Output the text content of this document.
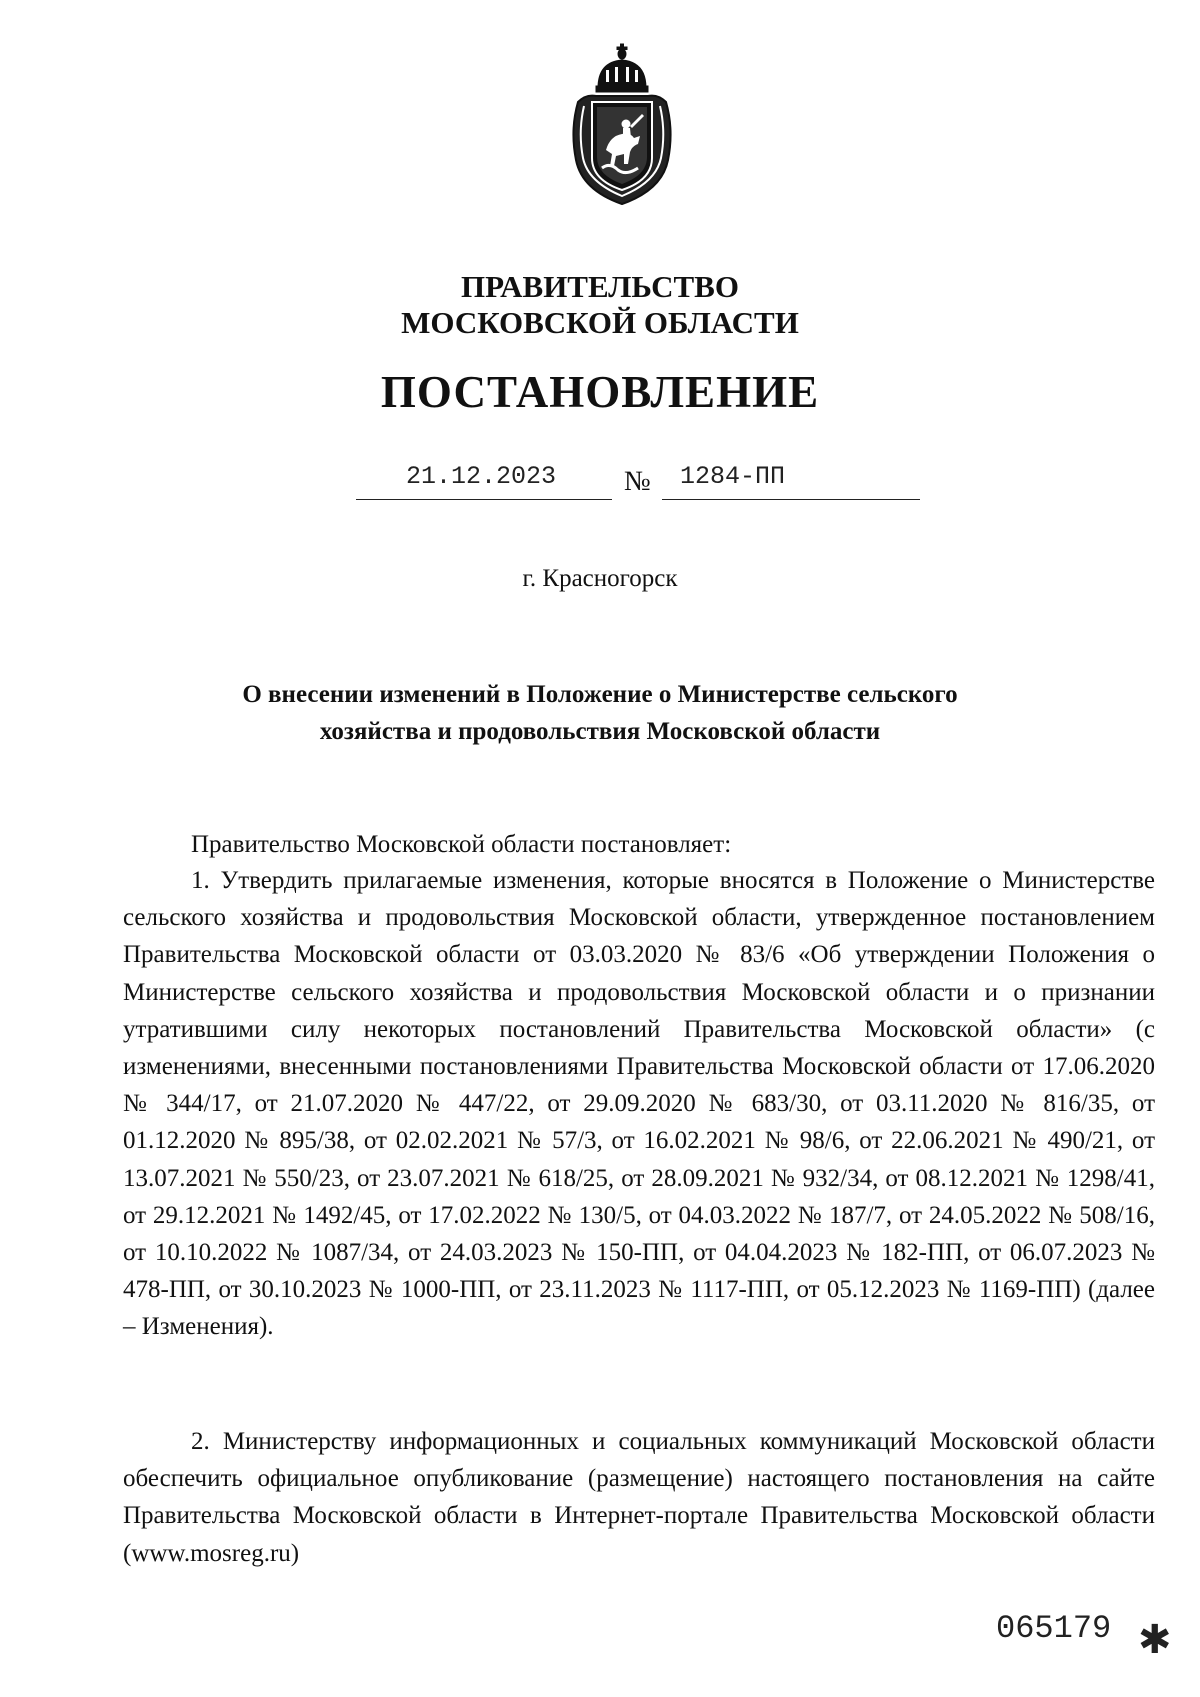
ПРАВИТЕЛЬСТВО
МОСКОВСКОЙ ОБЛАСТИ
ПОСТАНОВЛЕНИЕ
21.12.2023 № 1284-ПП
г. Красногорск
О внесении изменений в Положение о Министерстве сельского
хозяйства и продовольствия Московской области
Правительство Московской области постановляет:
1. Утвердить прилагаемые изменения, которые вносятся в Положение о Министерстве сельского хозяйства и продовольствия Московской области, утвержденное постановлением Правительства Московской области от 03.03.2020 № 83/6 «Об утверждении Положения о Министерстве сельского хозяйства и продовольствия Московской области и о признании утратившими силу некоторых постановлений Правительства Московской области» (с изменениями, внесенными постановлениями Правительства Московской области от 17.06.2020 № 344/17, от 21.07.2020 № 447/22, от 29.09.2020 № 683/30, от 03.11.2020 № 816/35, от 01.12.2020 № 895/38, от 02.02.2021 № 57/3, от 16.02.2021 № 98/6, от 22.06.2021 № 490/21, от 13.07.2021 № 550/23, от 23.07.2021 № 618/25, от 28.09.2021 № 932/34, от 08.12.2021 № 1298/41, от 29.12.2021 № 1492/45, от 17.02.2022 № 130/5, от 04.03.2022 № 187/7, от 24.05.2022 № 508/16, от 10.10.2022 № 1087/34, от 24.03.2023 № 150-ПП, от 04.04.2023 № 182-ПП, от 06.07.2023 № 478-ПП, от 30.10.2023 № 1000-ПП, от 23.11.2023 № 1117-ПП, от 05.12.2023 № 1169-ПП) (далее – Изменения).
2. Министерству информационных и социальных коммуникаций Московской области обеспечить официальное опубликование (размещение) настоящего постановления на сайте Правительства Московской области в Интернет-портале Правительства Московской области (www.mosreg.ru)
065179 ✱
